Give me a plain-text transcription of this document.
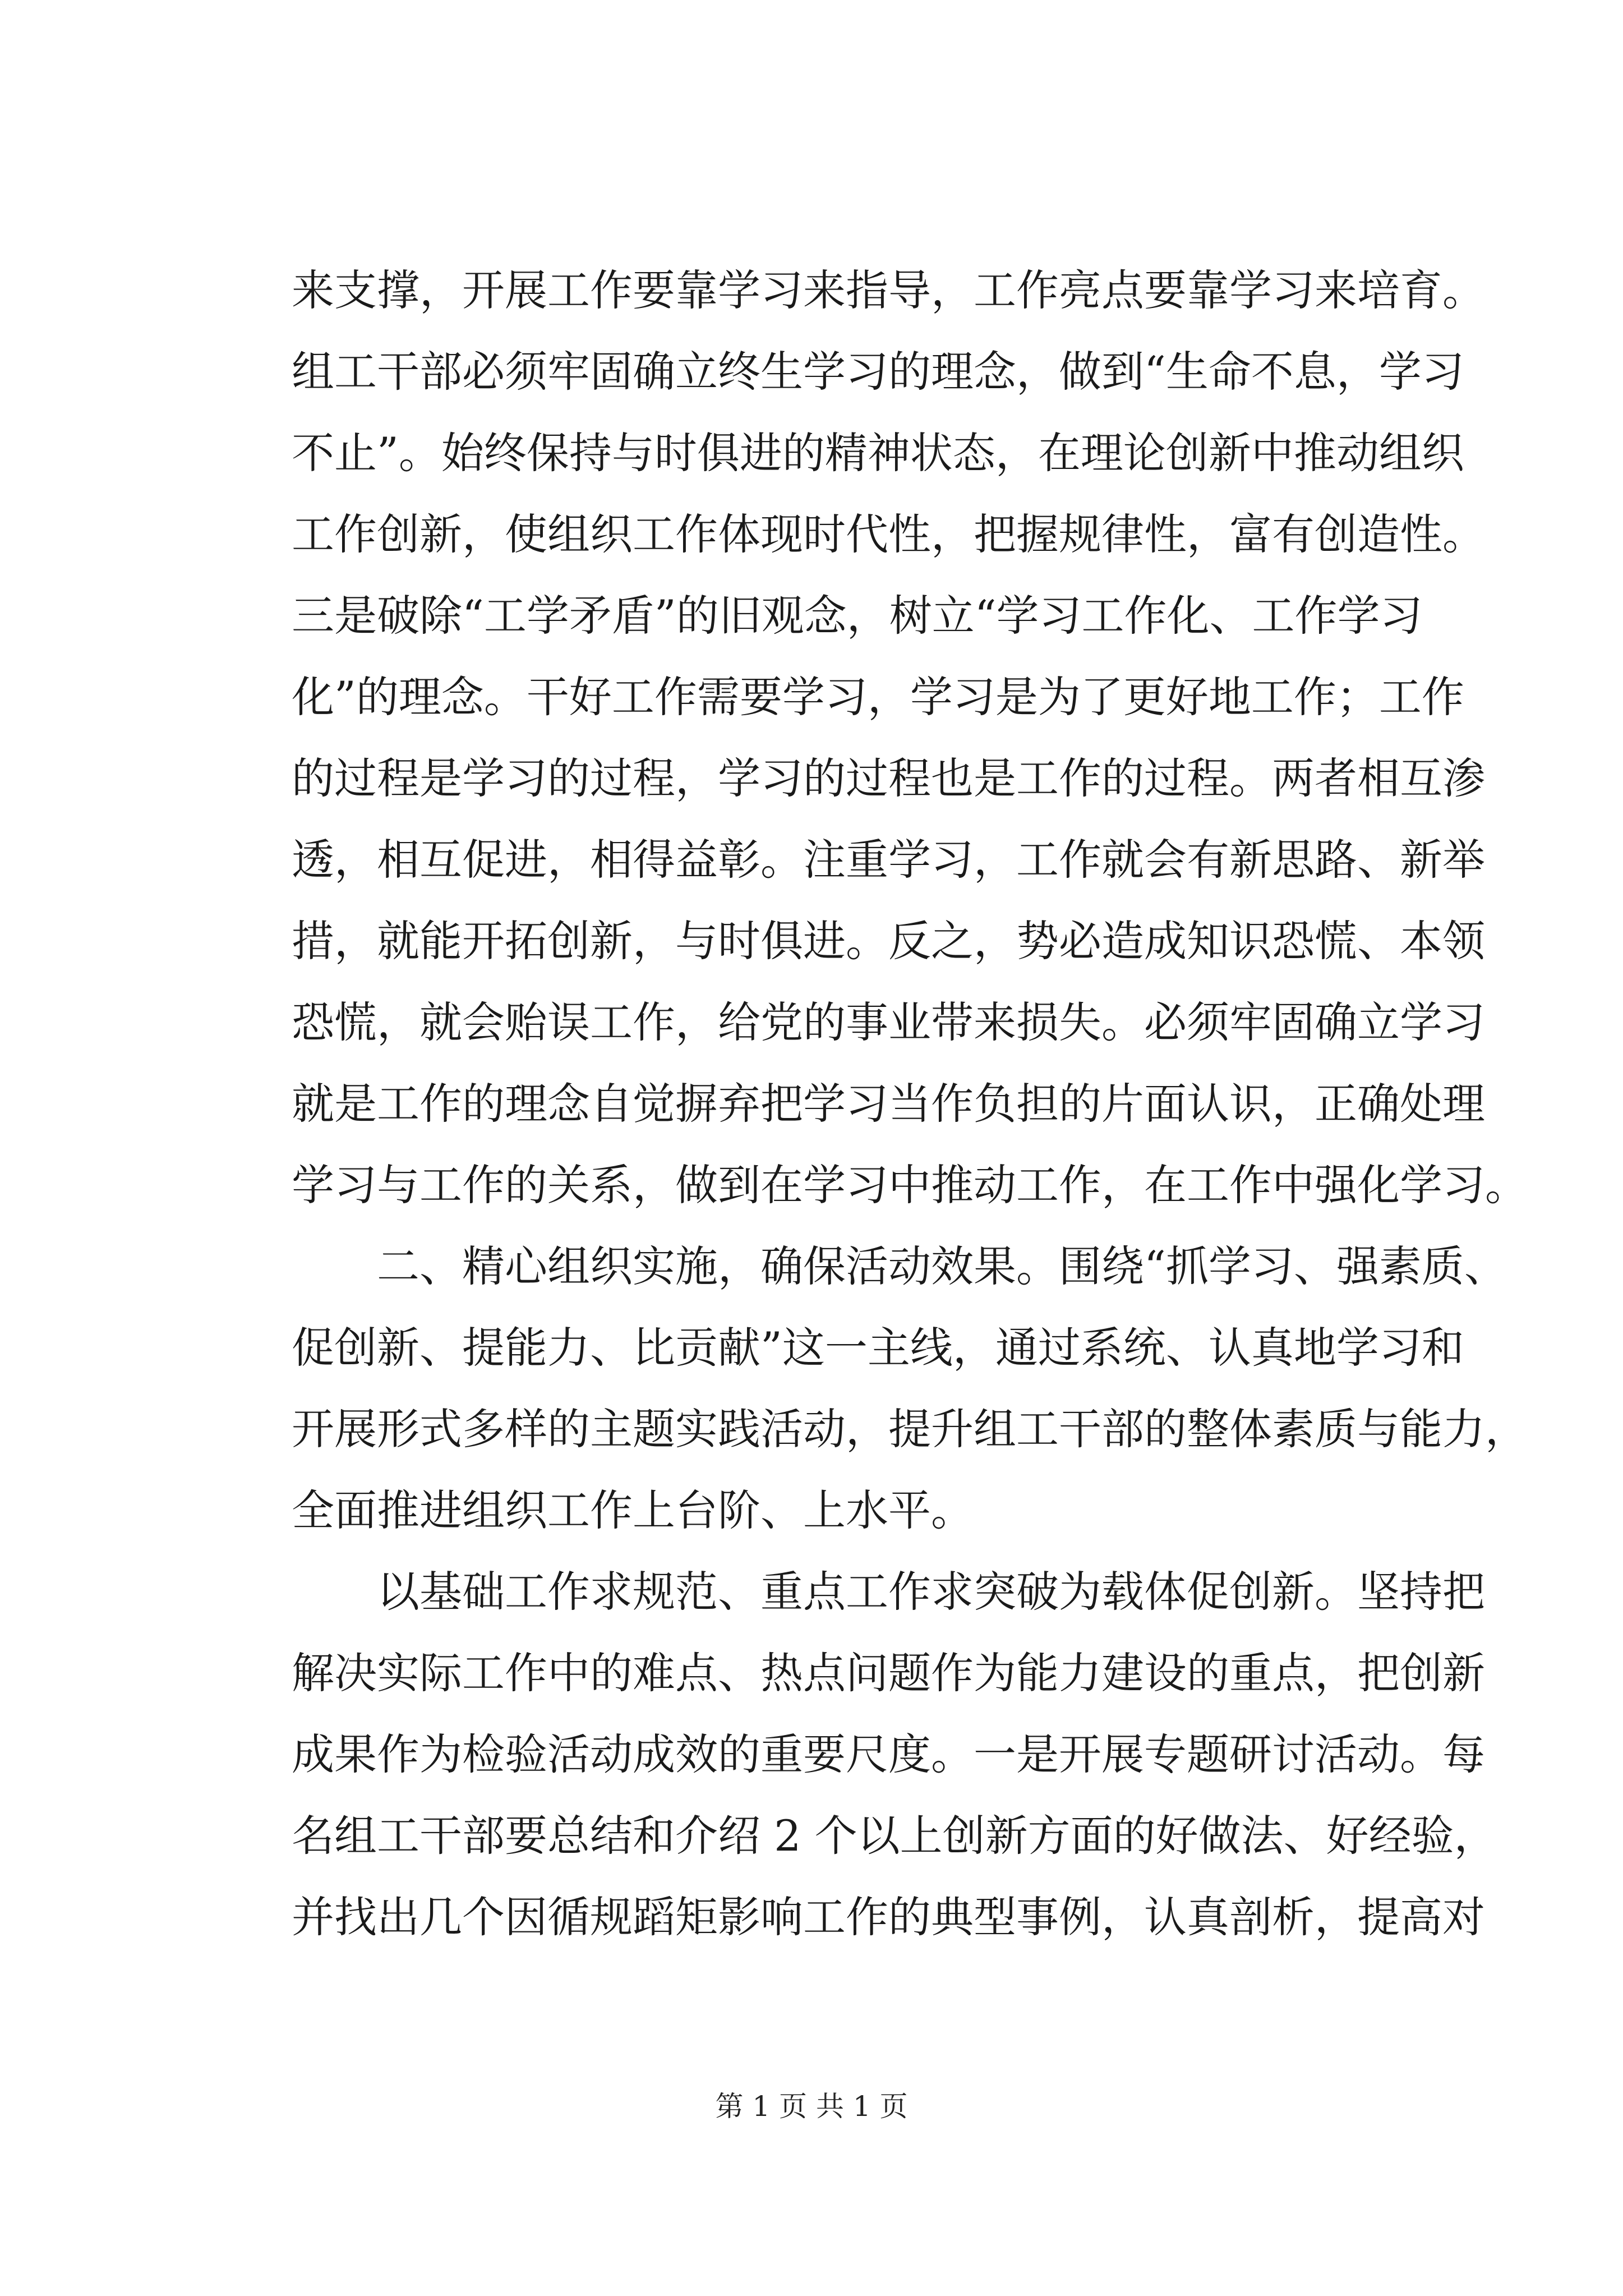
来支撑，开展工作要靠学习来指导，工作亮点要靠学习来培育。
组工干部必须牢固确立终生学习的理念，做到“生命不息，学习
不止”。始终保持与时俱进的精神状态，在理论创新中推动组织
工作创新，使组织工作体现时代性，把握规律性，富有创造性。
三是破除“工学矛盾”的旧观念，树立“学习工作化、工作学习
化”的理念。干好工作需要学习，学习是为了更好地工作；工作
的过程是学习的过程，学习的过程也是工作的过程。两者相互渗
透，相互促进，相得益彰。注重学习，工作就会有新思路、新举
措，就能开拓创新，与时俱进。反之，势必造成知识恐慌、本领
恐慌，就会贻误工作，给党的事业带来损失。必须牢固确立学习
就是工作的理念自觉摒弃把学习当作负担的片面认识，正确处理
学习与工作的关系，做到在学习中推动工作，在工作中强化学习。
二、精心组织实施，确保活动效果。围绕“抓学习、强素质、
促创新、提能力、比贡献”这一主线，通过系统、认真地学习和
开展形式多样的主题实践活动，提升组工干部的整体素质与能力，
全面推进组织工作上台阶、上水平。
以基础工作求规范、重点工作求突破为载体促创新。坚持把
解决实际工作中的难点、热点问题作为能力建设的重点，把创新
成果作为检验活动成效的重要尺度。一是开展专题研讨活动。每
名组工干部要总结和介绍 2 个以上创新方面的好做法、好经验，
并找出几个因循规蹈矩影响工作的典型事例，认真剖析，提高对
第 1 页 共 1 页
